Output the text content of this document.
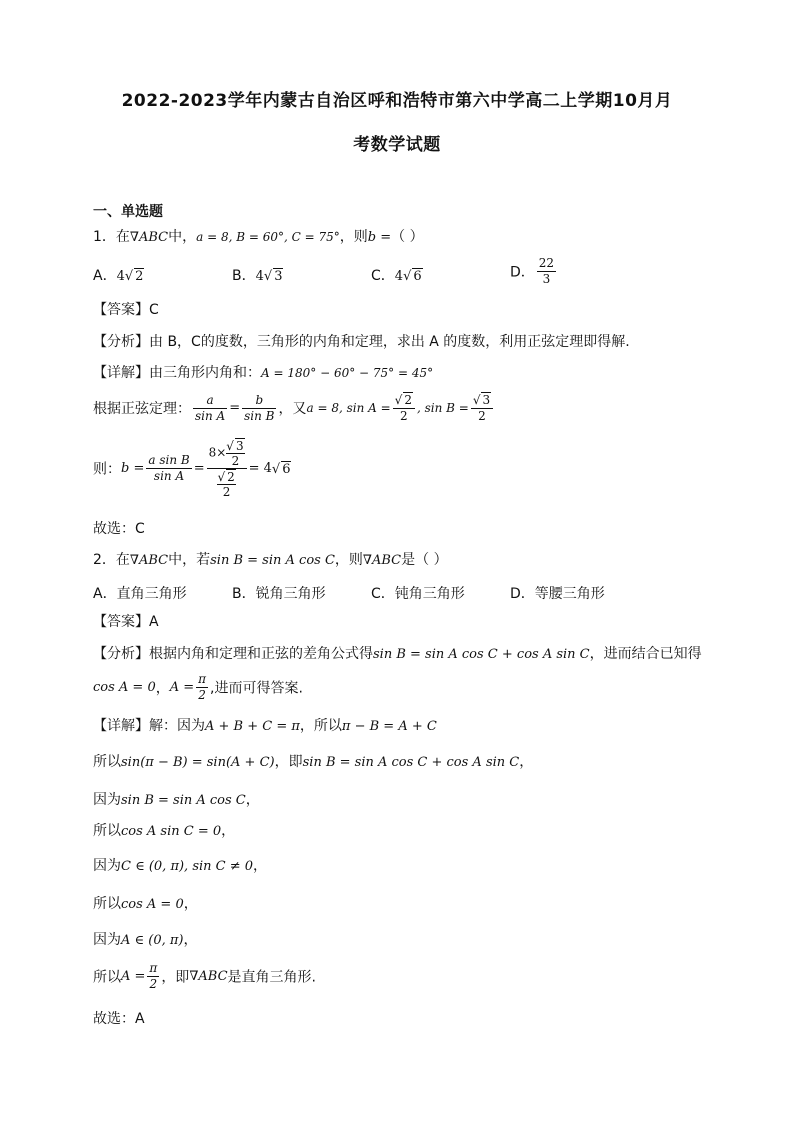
2022-2023学年内蒙古自治区呼和浩特市第六中学高二上学期10月月
考数学试题
一、单选题
1．在∇ABC中，a = 8, B = 60°, C = 75°，则b =（ ）
A．4√ 2	B．4√ 3	C．4√ 6	D． $\frac{22}{3}$
【答案】C
【分析】由 B，C的度数，三角形的内角和定理，求出 A 的度数，利用正弦定理即得解.
【详解】由三角形内角和：A = 180° − 60° − 75° = 45°
根据正弦定理： $\frac{a}{\text{sin A}} = \frac{b}{\text{sin B}}$ ，又a = 8, $\sin A = \frac{√ 2}{2}$ , $\sin B = \frac{√ 3}{2}$
则：$b = \frac{\text{a sin B}}{\text{sin A}} = \frac{8\times \frac{√ 3}{2}}{\frac{√ 2}{2}} = 4√$ 6
故选：C
2．在∇ABC中，若sin B = sin A cos C，则∇ABC是（ ）
A．直角三角形	B．锐角三角形	C．钝角三角形	D．等腰三角形
【答案】A
【分析】根据内角和定理和正弦的差角公式得sin B = sin A cos C + cos A sin C，进而结合已知得
cos A = 0，$A = \frac{\pi}{2}$ ,进而可得答案.
【详解】解：因为A + B + C = π，所以π − B = A + C
所以sin(π − B) = sin(A + C)，即sin B = sin A cos C + cos A sin C，
因为sin B = sin A cos C，
所以cos A sin C = 0，
因为C ∈ (0, π), sin C ≠ 0，
所以cos A = 0，
因为A ∈ (0, π)，
所以$A = \frac{\pi}{2}$ ，即∇ABC是直角三角形.
故选：A
